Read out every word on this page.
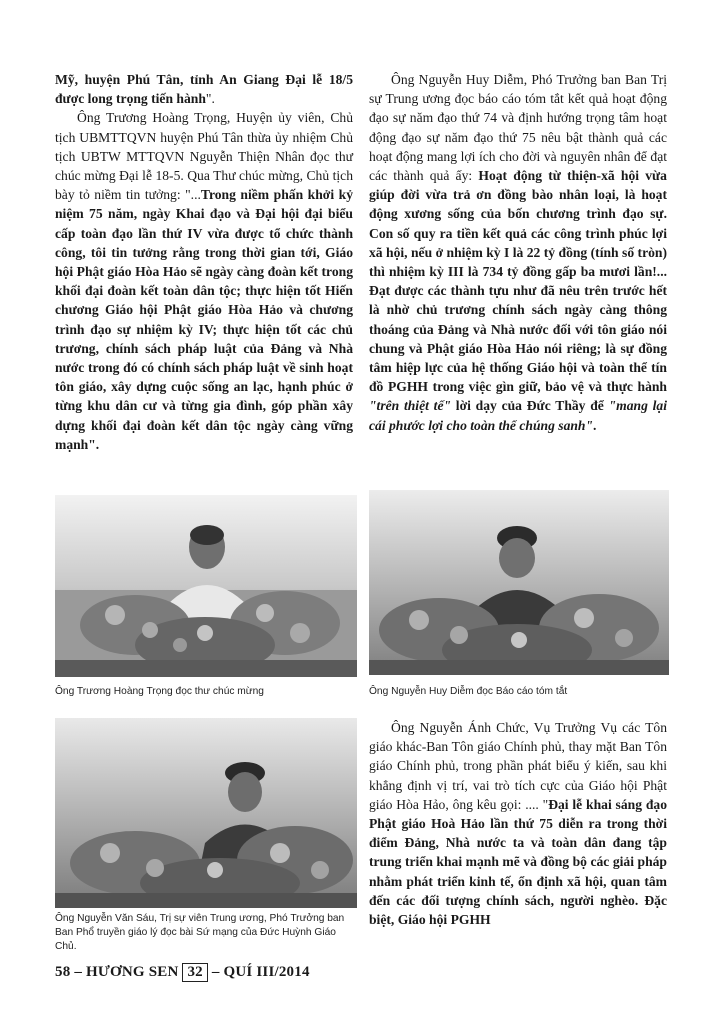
Mỹ, huyện Phú Tân, tỉnh An Giang Đại lễ 18/5 được long trọng tiến hành".

Ông Trương Hoàng Trọng, Huyện ủy viên, Chủ tịch UBMTTQVN huyện Phú Tân thừa ủy nhiệm Chủ tịch UBTW MTTQVN Nguyễn Thiện Nhân đọc thư chúc mừng Đại lễ 18-5. Qua Thư chúc mừng, Chủ tịch bày tỏ niềm tin tưởng: "...Trong niềm phấn khởi kỷ niệm 75 năm, ngày Khai đạo và Đại hội đại biểu cấp toàn đạo lần thứ IV vừa được tổ chức thành công, tôi tin tưởng rằng trong thời gian tới, Giáo hội Phật giáo Hòa Hảo sẽ ngày càng đoàn kết trong khối đại đoàn kết toàn dân tộc; thực hiện tốt Hiến chương Giáo hội Phật giáo Hòa Hảo và chương trình đạo sự nhiệm kỳ IV; thực hiện tốt các chủ trương, chính sách pháp luật của Đảng và Nhà nước trong đó có chính sách pháp luật về sinh hoạt tôn giáo, xây dựng cuộc sống an lạc, hạnh phúc ở từng khu dân cư và từng gia đình, góp phần xây dựng khối đại đoàn kết dân tộc ngày càng vững mạnh".

Ông Nguyễn Huy Diễm, Phó Trưởng ban Ban Trị sự Trung ương đọc báo cáo tóm tắt kết quả hoạt động đạo sự năm đạo thứ 74 và định hướng trọng tâm hoạt động đạo sự năm đạo thứ 75 nêu bật thành quả các hoạt động mang lợi ích cho đời và nguyên nhân để đạt các thành quả ấy: Hoạt động từ thiện-xã hội vừa giúp đời vừa trả ơn đồng bào nhân loại, là hoạt động xương sống của bốn chương trình đạo sự. Con số quy ra tiền kết quả các công trình phúc lợi xã hội, nếu ở nhiệm kỳ I là 22 tỷ đồng (tính số tròn) thì nhiệm kỳ III là 734 tỷ đồng gấp ba mươi lần!... Đạt được các thành tựu như đã nêu trên trước hết là nhờ chủ trương chính sách ngày càng thông thoáng của Đảng và Nhà nước đối với tôn giáo nói chung và Phật giáo Hòa Hảo nói riêng; là sự đồng tâm hiệp lực của hệ thống Giáo hội và toàn thể tín đồ PGHH trong việc gìn giữ, bảo vệ và thực hành "trên thiệt tế" lời dạy của Đức Thầy để "mang lại cái phước lợi cho toàn thể chúng sanh".

Ông Trương Hoàng Trọng đọc thư chúc mừng	Ông Nguyễn Huy Diễm đọc Báo cáo tóm tắt
Ông Nguyễn Văn Sáu, Trị sự viên Trung ương, Phó Trưởng ban Ban Phổ truyền giáo lý đọc bài Sứ mạng của Đức Huỳnh Giáo Chủ.

Ông Nguyễn Ánh Chức, Vụ Trưởng Vụ các Tôn giáo khác-Ban Tôn giáo Chính phủ, thay mặt Ban Tôn giáo Chính phủ, trong phần phát biểu ý kiến, sau khi khẳng định vị trí, vai trò tích cực của Giáo hội Phật giáo Hòa Hảo, ông kêu gọi: .... "Đại lễ khai sáng đạo Phật giáo Hoà Hảo lần thứ 75 diễn ra trong thời điểm Đảng, Nhà nước ta và toàn dân đang tập trung triển khai mạnh mẽ và đồng bộ các giải pháp nhằm phát triển kinh tế, ổn định xã hội, quan tâm đến các đối tượng chính sách, người nghèo. Đặc biệt, Giáo hội PGHH

58 – HƯƠNG SEN 32 – QUÍ III/2014
